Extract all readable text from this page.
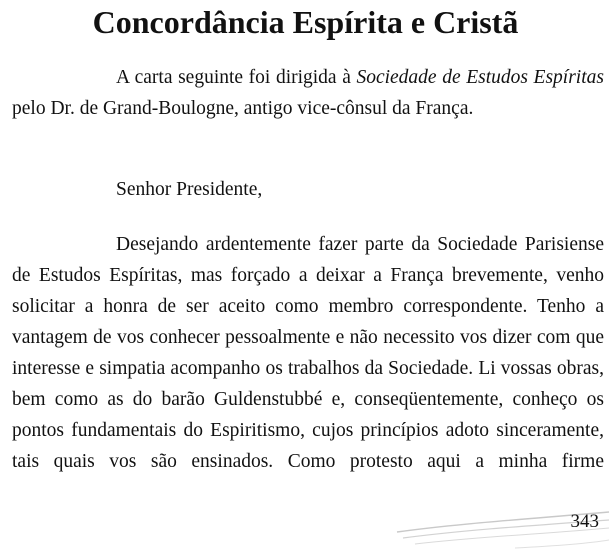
Concordância Espírita e Cristã

A carta seguinte foi dirigida à Sociedade de Estudos Espíritas pelo Dr. de Grand-Boulogne, antigo vice-cônsul da França.

Senhor Presidente,

Desejando ardentemente fazer parte da Sociedade Parisiense de Estudos Espíritas, mas forçado a deixar a França brevemente, venho solicitar a honra de ser aceito como membro correspondente. Tenho a vantagem de vos conhecer pessoalmente e não necessito vos dizer com que interesse e simpatia acompanho os trabalhos da Sociedade. Li vossas obras, bem como as do barão Guldenstubbé e, conseqüentemente, conheço os pontos fundamentais do Espiritismo, cujos princípios adoto sinceramente, tais quais vos são ensinados. Como protesto aqui a minha firme

343
